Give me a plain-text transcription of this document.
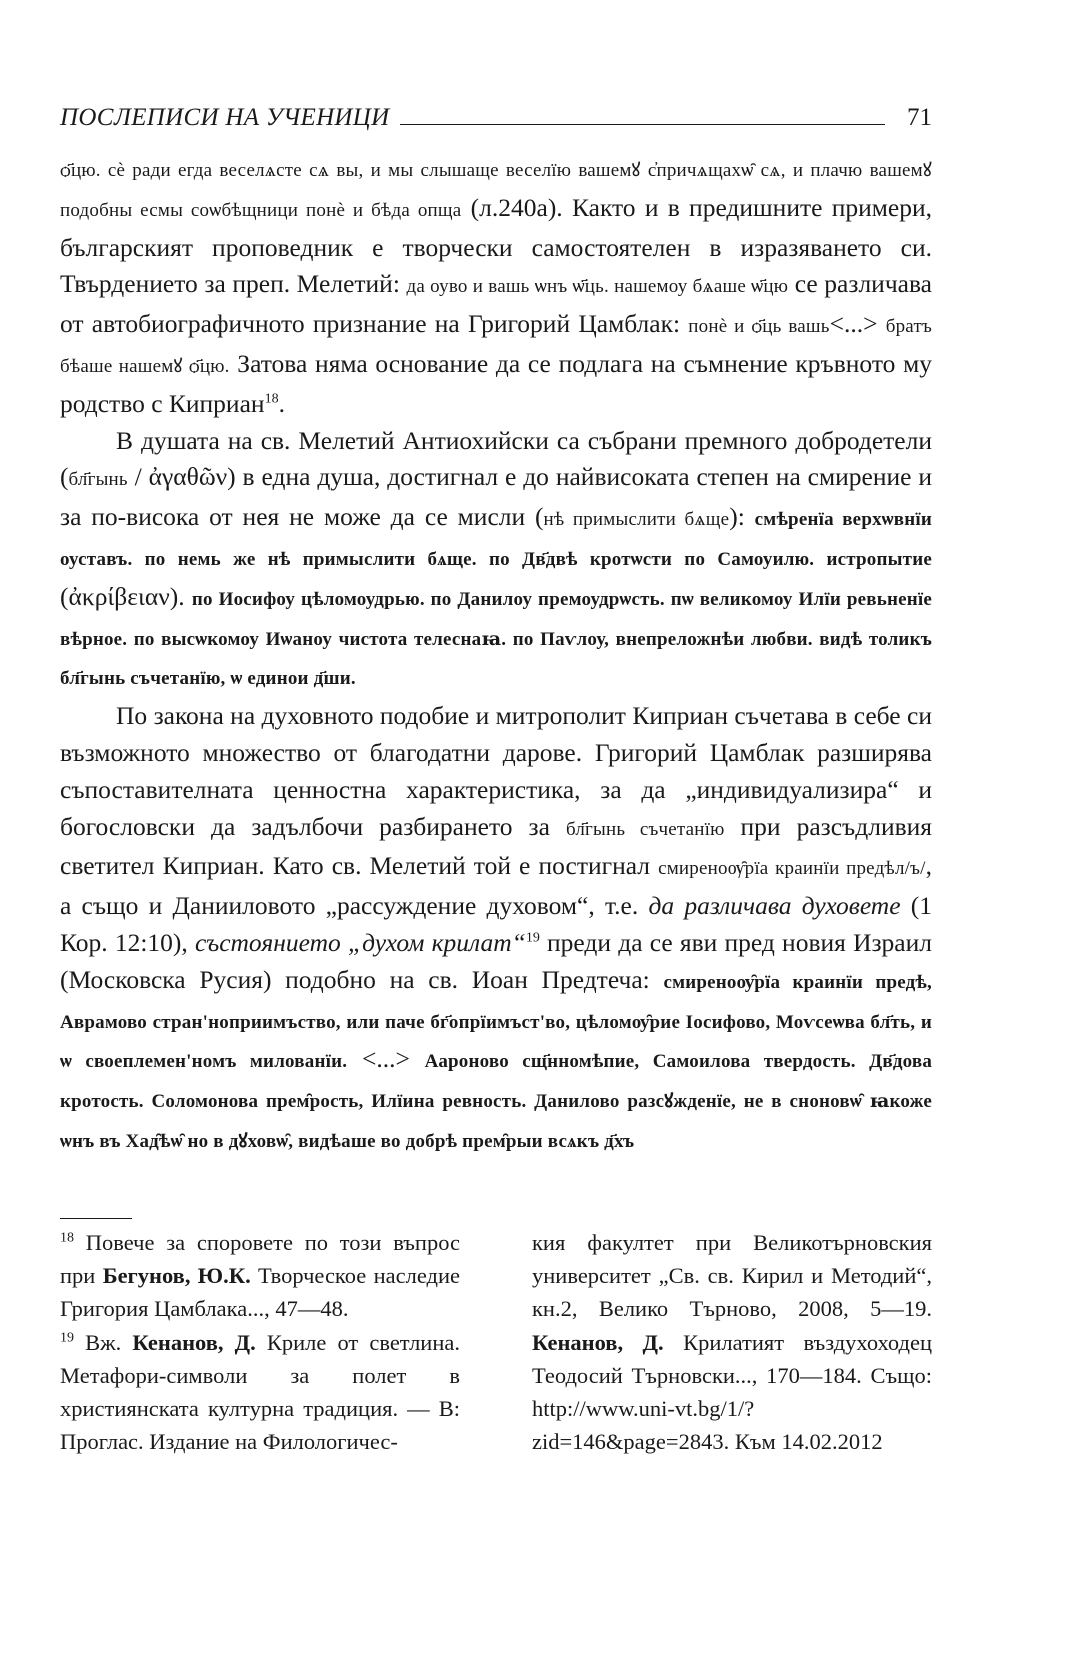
ПОСЛЕПИСИ НА УЧЕНИЦИ	71

ѻ҃цю. сѐ ради егда веселѧсте сѧ вы, и мы слышаще веселїю вашемꙋ с̓причѧщахѡ̑ сѧ, и плачю вашемꙋ подобны есмы соѡбѣщници понѐ и бѣда опща (л.240а). Както и в предишните примери, българският проповедник е творчески самостоятелен в изразяването си. Твърдението за преп. Мелетий: да оуво и вашь ѡнъ ѡ҃ць. нашемоу бѧаше ѡ҃цю се различава от автобиографичното признание на Григорий Цамблак: понѐ и ѻ҃ць вашь<...> братъ бѣаше нашемꙋ ѻ҃цю. Затова няма основание да се подлага на съмнение кръвното му родство с Киприан$^{18}$.

В душата на св. Мелетий Антиохийски са събрани премного добродетели (бл҃гынь / ἀγαθῶν) в една душа, достигнал е до найвисоката степен на смирение и за по-висока от нея не може да се мисли (нѣ примыслити бѧще): смѣренїа верхѡвнїи оуставъ. по немь же нѣ примыслити бѧще. по Дв҃двѣ кротѡсти по Самоуилю. истропытие (ἀκρίβειαν). по Иосифоу цѣломоудрью. по Данилоу премоудрѡсть. пѡ великомоу Илїи ревьненїе вѣрное. по высѡкомоу Иѡаноу чистота телеснаꙗ. по Паѵлоу, внепреложнѣи любви. видѣ толикъ бл҃гынь съчетанїю, ѡ единои д҃ши.

По закона на духовното подобие и митрополит Киприан съчетава в себе си възможното множество от благодатни дарове. Григорий Цамблак разширява съпоставителната ценностна характеристика, за да „индивидуализира“ и богословски да задълбочи разбирането за бл҃гынь съчетанїю при разсъдливия светител Киприан. Като св. Мелетий той е постигнал смиреноѹ̑рїа краинїи предѣл/ъ/, а също и Данииловото „рассуждение духовом“, т.е. да различава духовете (1 Кор. 12:10), състоянието „духом крилат“$^{19}$ преди да се яви пред новия Израил (Московска Русия) подобно на св. Иоан Предтеча: смиреноѹ̑рїа краинїи предѣ, Аврамово стран'ноприимъство, или паче бг҃опрїимъст'во, цѣломѹ̑рие Iосифово, Моѵсеѡва бл҃ть, и ѡ своеплемен'номъ милованїи. <...> Аароново сщ҃нномѣпие, Самоилова твердость. Дв҃дова кротость. Соломонова прем̑рость, Илїина ревность. Данилово разсꙋжденїе, не в сноновѡ̑ ꙗкоже ѡнъ въ Хад̑ѣѡ̑ но в дꙋховѡ̑, видѣаше во добрѣ прем̑рыи всѧкъ д҃хъ

$^{18}$ Повече за споровете по този въпрос при Бегунов, Ю.К. Творческое наследие Григория Цамблака..., 47—48.

$^{19}$ Вж. Кенанов, Д. Криле от светлина. Метафори-символи за полет в християнската културна традиция. — В: Проглас. Издание на Филологичес-

кия факултет при Великотърновския университет „Св. св. Кирил и Методий“, кн.2, Велико Търново, 2008, 5—19. Кенанов, Д. Крилатият въздухоходец Теодосий Търновски..., 170—184. Също: http://www.uni-vt.bg/1/?zid=146&page=2843. Към 14.02.2012
